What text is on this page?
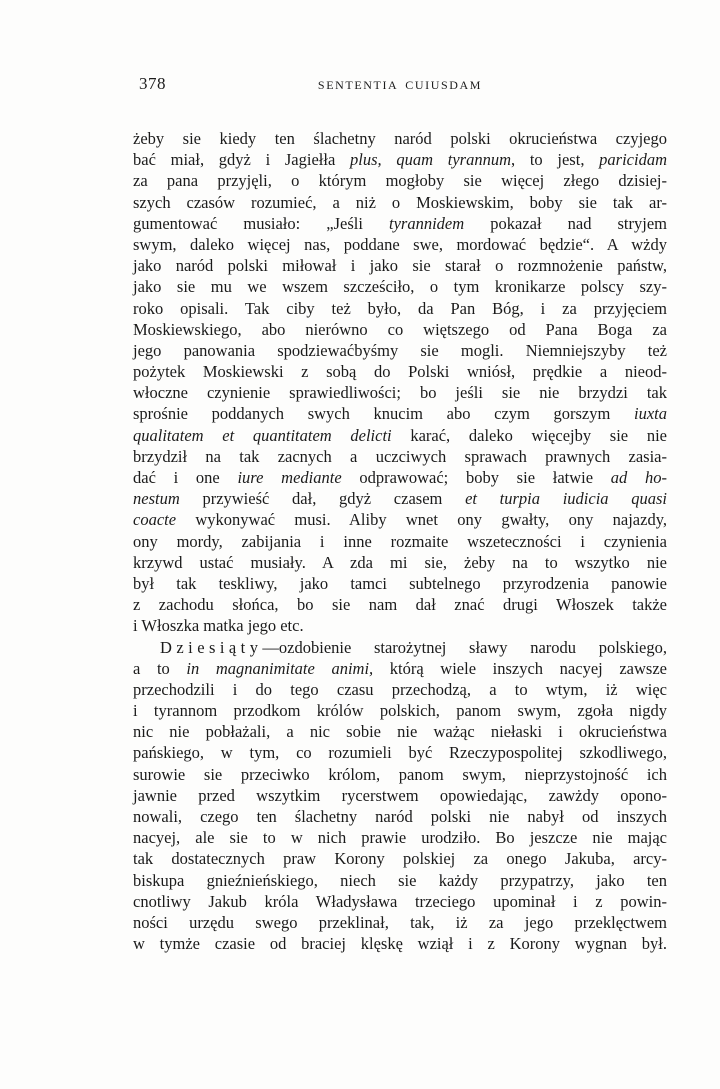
378	SENTENTIA CUIUSDAM
żeby sie kiedy ten ślachetny naród polski okrucieństwa czyjego
bać miał, gdyż i Jagiełła plus, quam tyrannum, to jest, paricidam
za pana przyjęli, o którym mogłoby sie więcej złego dzisiej-
szych czasów rozumieć, a niż o Moskiewskim, boby sie tak ar-
gumentować musiało: „Jeśli tyrannidem pokazał nad stryjem
swym, daleko więcej nas, poddane swe, mordować będzie“. A wżdy
jako naród polski miłował i jako sie starał o rozmnożenie państw,
jako sie mu we wszem szcześciło, o tym kronikarze polscy szy-
roko opisali. Tak ciby też było, da Pan Bóg, i za przyjęciem
Moskiewskiego, abo nierówno co więtszego od Pana Boga za
jego panowania spodziewaćbyśmy sie mogli. Niemniejszyby też
pożytek Moskiewski z sobą do Polski wniósł, prędkie a nieod-
włoczne czynienie sprawiedliwości; bo jeśli sie nie brzydzi tak
sprośnie poddanych swych knucim abo czym gorszym iuxta
qualitatem et quantitatem delicti karać, daleko więcejby sie nie
brzydził na tak zacnych a uczciwych sprawach prawnych zasia-
dać i one iure mediante odprawować; boby sie łatwie ad ho-
nestum przywieść dał, gdyż czasem et turpia iudicia quasi
coacte wykonywać musi. Aliby wnet ony gwałty, ony najazdy,
ony mordy, zabijania i inne rozmaite wszeteczności i czynienia
krzywd ustać musiały. A zda mi sie, żeby na to wszytko nie
był tak teskliwy, jako tamci subtelnego przyrodzenia panowie
z zachodu słońca, bo sie nam dał znać drugi Włoszek także
i Włoszka matka jego etc.
Dziesiąty—ozdobienie starożytnej sławy narodu polskiego,
a to in magnanimitate animi, którą wiele inszych nacyej zawsze
przechodzili i do tego czasu przechodzą, a to wtym, iż więc
i tyrannom przodkom królów polskich, panom swym, zgoła nigdy
nic nie pobłażali, a nic sobie nie ważąc niełaski i okrucieństwa
pańskiego, w tym, co rozumieli być Rzeczypospolitej szkodliwego,
surowie sie przeciwko królom, panom swym, nieprzystojność ich
jawnie przed wszytkim rycerstwem opowiedając, zawżdy opono-
nowali, czego ten ślachetny naród polski nie nabył od inszych
nacyej, ale sie to w nich prawie urodziło. Bo jeszcze nie mając
tak dostatecznych praw Korony polskiej za onego Jakuba, arcy-
biskupa gnieźnieńskiego, niech sie każdy przypatrzy, jako ten
cnotliwy Jakub króla Władysława trzeciego upominał i z powin-
ności urzędu swego przeklinał, tak, iż za jego przeklęctwem
w tymże czasie od braciej klęskę wziął i z Korony wygnan był.
